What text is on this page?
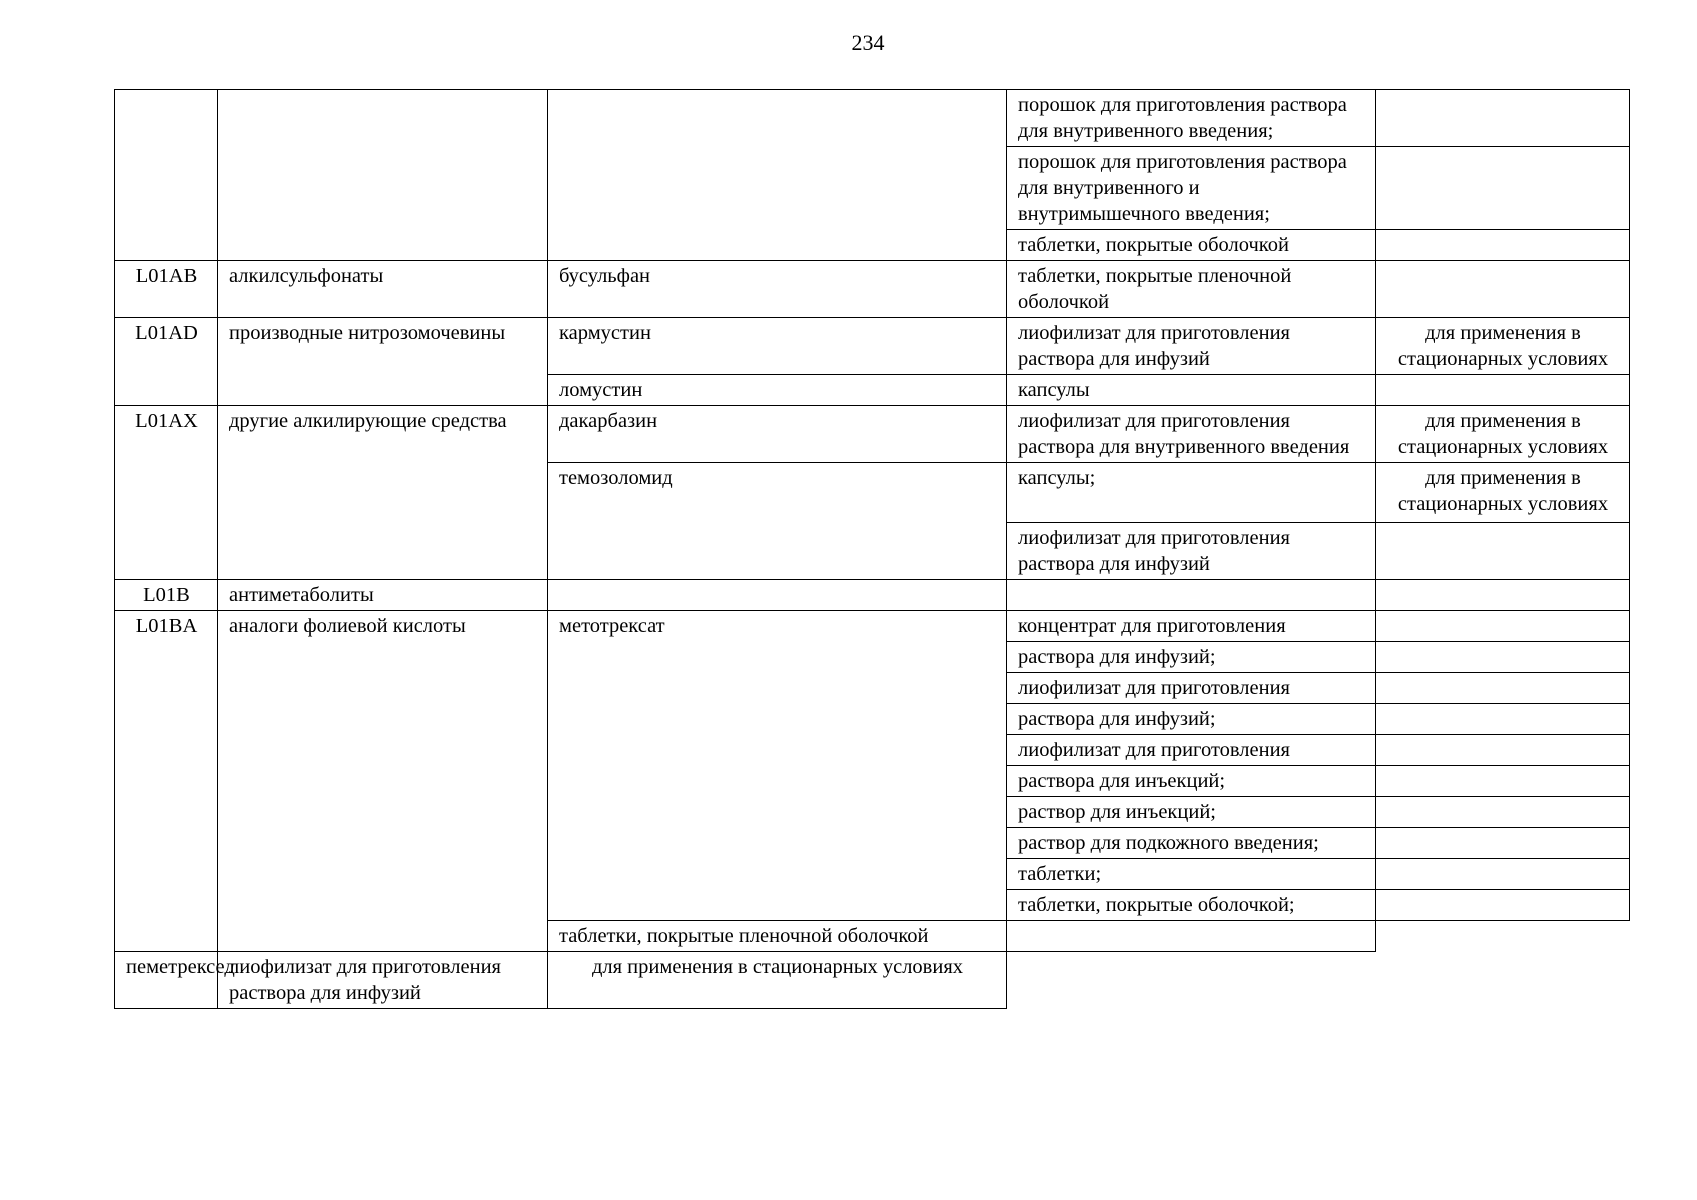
234
			порошок для приготовления раствора для внутривенного введения;	
			порошок для приготовления раствора для внутривенного и внутримышечного введения;	
			таблетки, покрытые оболочкой	
L01AB	алкилсульфонаты	бусульфан	таблетки, покрытые пленочной оболочкой	
L01AD	производные нитрозомочевины	кармустин	лиофилизат для приготовления раствора для инфузий	для применения в стационарных условиях
		ломустин	капсулы	
L01AX	другие алкилирующие средства	дакарбазин	лиофилизат для приготовления раствора для внутривенного введения	для применения в стационарных условиях
		темозоломид	капсулы;	для применения в стационарных условиях
			лиофилизат для приготовления раствора для инфузий	
L01B	антиметаболиты			
L01BA	аналоги фолиевой кислоты	метотрексат	концентрат для приготовления	
			раствора для инфузий;	
			лиофилизат для приготовления	
			раствора для инфузий;	
			лиофилизат для приготовления	
			раствора для инъекций;	
			раствор для инъекций;	
			раствор для подкожного введения;	
			таблетки;	
			таблетки, покрытые оболочкой;	
		таблетки, покрытые пленочной оболочкой		
пеметрексед	лиофилизат для приготовления раствора для инфузий	для применения в стационарных условиях		
